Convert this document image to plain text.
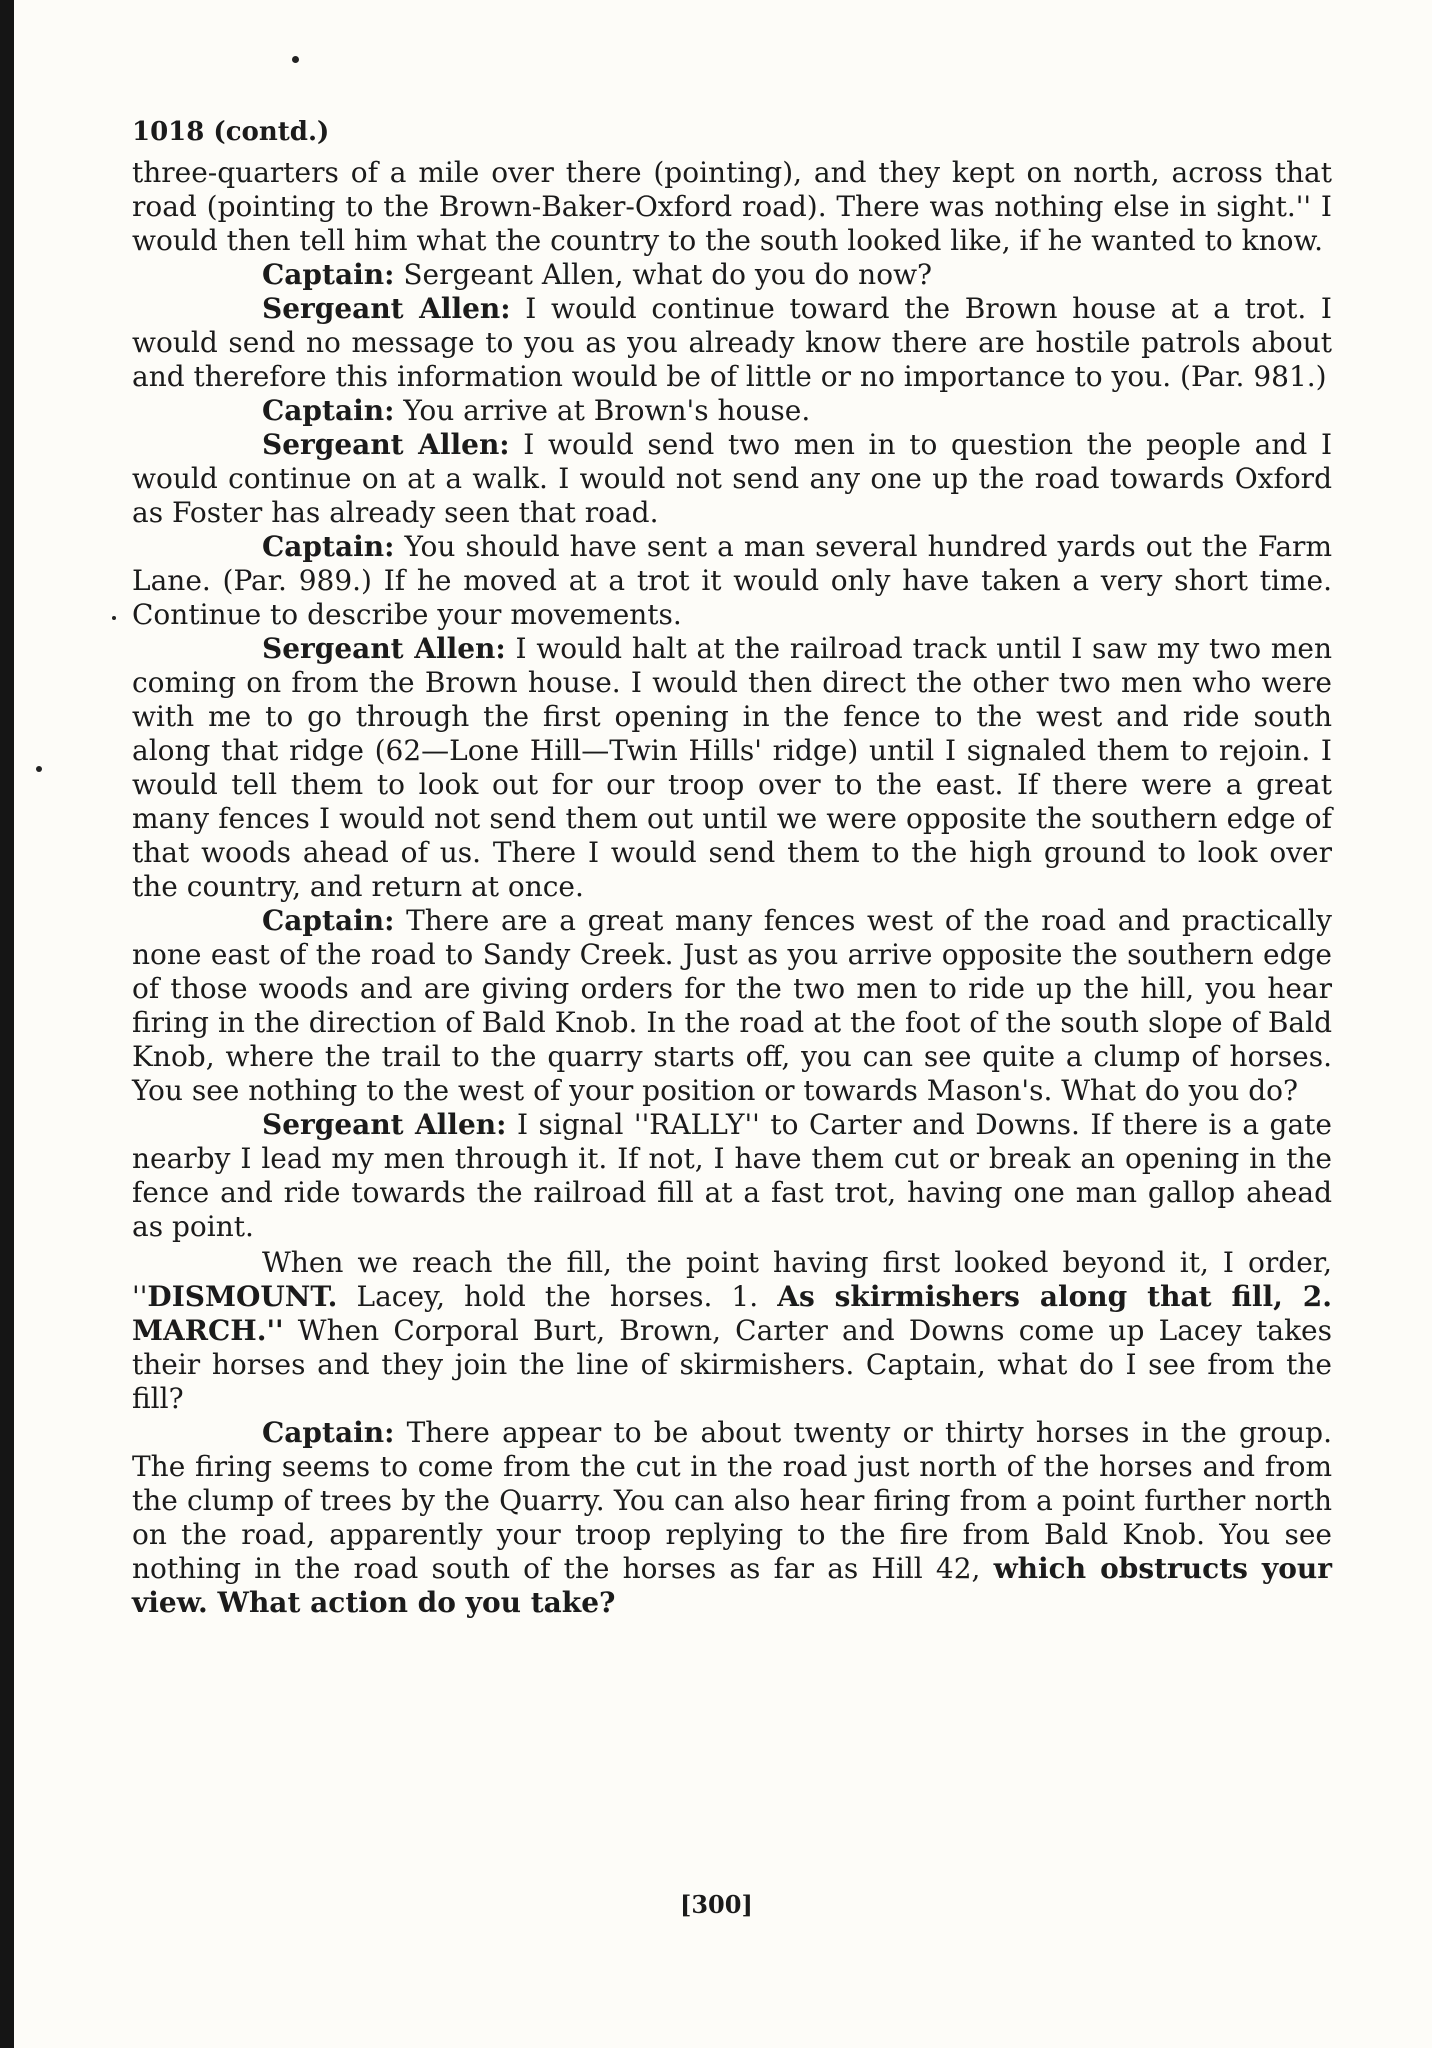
1018 (contd.)

three-quarters of a mile over there (pointing), and they kept on north, across that road (pointing to the Brown-Baker-Oxford road). There was nothing else in sight.'' I would then tell him what the country to the south looked like, if he wanted to know.

Captain: Sergeant Allen, what do you do now?

Sergeant Allen: I would continue toward the Brown house at a trot. I would send no message to you as you already know there are hostile patrols about and therefore this information would be of little or no importance to you. (Par. 981.)

Captain: You arrive at Brown's house.

Sergeant Allen: I would send two men in to question the people and I would continue on at a walk. I would not send any one up the road towards Oxford as Foster has already seen that road.

Captain: You should have sent a man several hundred yards out the Farm Lane. (Par. 989.) If he moved at a trot it would only have taken a very short time. Continue to describe your movements.

Sergeant Allen: I would halt at the railroad track until I saw my two men coming on from the Brown house. I would then direct the other two men who were with me to go through the first opening in the fence to the west and ride south along that ridge (62—Lone Hill—Twin Hills' ridge) until I signaled them to rejoin. I would tell them to look out for our troop over to the east. If there were a great many fences I would not send them out until we were opposite the southern edge of that woods ahead of us. There I would send them to the high ground to look over the country, and return at once.

Captain: There are a great many fences west of the road and practically none east of the road to Sandy Creek. Just as you arrive opposite the southern edge of those woods and are giving orders for the two men to ride up the hill, you hear firing in the direction of Bald Knob. In the road at the foot of the south slope of Bald Knob, where the trail to the quarry starts off, you can see quite a clump of horses. You see nothing to the west of your position or towards Mason's. What do you do?

Sergeant Allen: I signal ''RALLY'' to Carter and Downs. If there is a gate nearby I lead my men through it. If not, I have them cut or break an opening in the fence and ride towards the railroad fill at a fast trot, having one man gallop ahead as point.

When we reach the fill, the point having first looked beyond it, I order, ''DISMOUNT. Lacey, hold the horses. 1. As skirmishers along that fill, 2. MARCH.'' When Corporal Burt, Brown, Carter and Downs come up Lacey takes their horses and they join the line of skirmishers. Captain, what do I see from the fill?

Captain: There appear to be about twenty or thirty horses in the group. The firing seems to come from the cut in the road just north of the horses and from the clump of trees by the Quarry. You can also hear firing from a point further north on the road, apparently your troop replying to the fire from Bald Knob. You see nothing in the road south of the horses as far as Hill 42, which obstructs your view. What action do you take?

[300]
